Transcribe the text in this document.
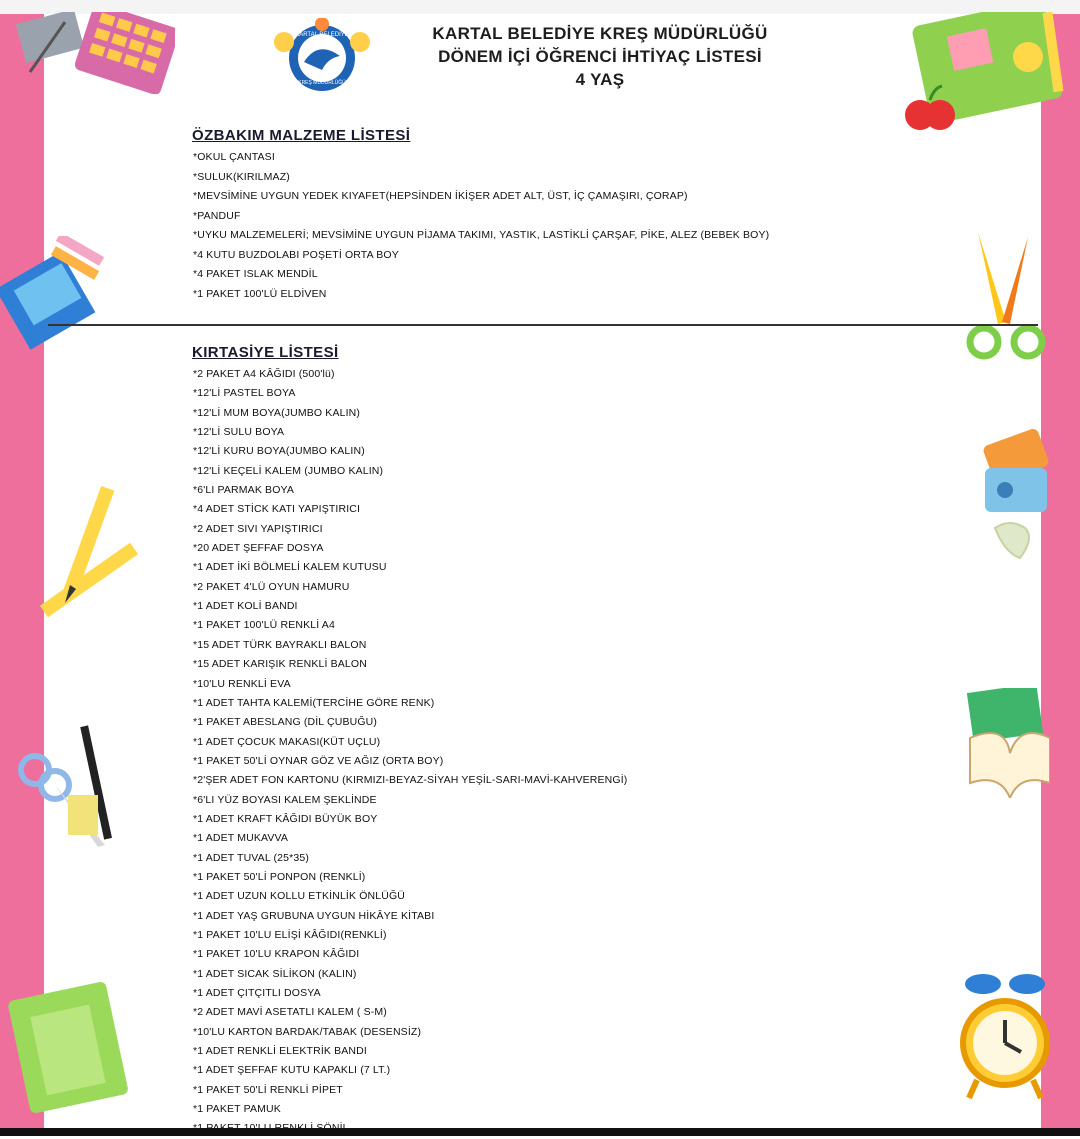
KARTAL BELEDİYE
KREŞ MÜDÜRLÜĞÜ
KARTAL BELEDİYE KREŞ MÜDÜRLÜĞÜ
DÖNEM İÇİ ÖĞRENCİ İHTİYAÇ LİSTESİ
4 YAŞ
ÖZBAKIM MALZEME LİSTESİ
*OKUL ÇANTASI
*SULUK(KIRILMAZ)
*MEVSİMİNE UYGUN YEDEK KIYAFET(HEPSİNDEN İKİŞER ADET ALT, ÜST, İÇ ÇAMAŞIRI, ÇORAP)
*PANDUF
*UYKU MALZEMELERİ; MEVSİMİNE UYGUN PİJAMA TAKIMI, YASTIK, LASTİKLİ ÇARŞAF, PİKE, ALEZ (BEBEK BOY)
*4 KUTU BUZDOLABI POŞETİ ORTA BOY
*4 PAKET ISLAK MENDİL
*1 PAKET 100'LÜ ELDİVEN
KIRTASİYE LİSTESİ
*2 PAKET A4 KÂĞIDI (500'lü)
*12'Lİ PASTEL BOYA
*12'Lİ MUM BOYA(JUMBO KALIN)
*12'Lİ SULU BOYA
*12'Lİ KURU BOYA(JUMBO KALIN)
*12'Lİ KEÇELİ KALEM (JUMBO KALIN)
*6'LI PARMAK BOYA
*4 ADET STİCK KATI YAPIŞTIRICI
*2 ADET SIVI YAPIŞTIRICI
*20 ADET ŞEFFAF DOSYA
*1 ADET İKİ BÖLMELİ KALEM KUTUSU
*2 PAKET 4'LÜ OYUN HAMURU
*1 ADET KOLİ BANDI
*1 PAKET 100'LÜ RENKLİ A4
*15 ADET TÜRK BAYRAKLI BALON
*15 ADET KARIŞIK RENKLİ BALON
*10'LU RENKLİ EVA
*1 ADET TAHTA KALEMİ(TERCİHE GÖRE RENK)
*1 PAKET ABESLANG (DİL ÇUBUĞU)
*1 ADET ÇOCUK MAKASI(KÜT UÇLU)
*1 PAKET 50'Lİ OYNAR GÖZ VE AĞIZ (ORTA BOY)
*2'ŞER ADET FON KARTONU (KIRMIZI-BEYAZ-SİYAH YEŞİL-SARI-MAVİ-KAHVERENGİ)
*6'LI YÜZ BOYASI KALEM ŞEKLİNDE
*1 ADET KRAFT KÂĞIDI BÜYÜK BOY
*1 ADET MUKAVVA
*1 ADET TUVAL (25*35)
*1 PAKET 50'Lİ PONPON (RENKLİ)
*1 ADET UZUN KOLLU ETKİNLİK ÖNLÜĞÜ
*1 ADET YAŞ GRUBUNA UYGUN HİKÂYE KİTABI
*1 PAKET 10'LU ELİŞİ KÂĞIDI(RENKLİ)
*1 PAKET 10'LU KRAPON KÂĞIDI
*1 ADET SICAK SİLİKON (KALIN)
*1 ADET ÇITÇITLI DOSYA
*2 ADET MAVİ ASETATLI KALEM ( S-M)
*10'LU KARTON BARDAK/TABAK (DESENSİZ)
*1 ADET RENKLİ ELEKTRİK BANDI
*1 ADET ŞEFFAF KUTU KAPAKLI (7 LT.)
*1 PAKET 50'Lİ RENKLİ PİPET
*1 PAKET PAMUK
